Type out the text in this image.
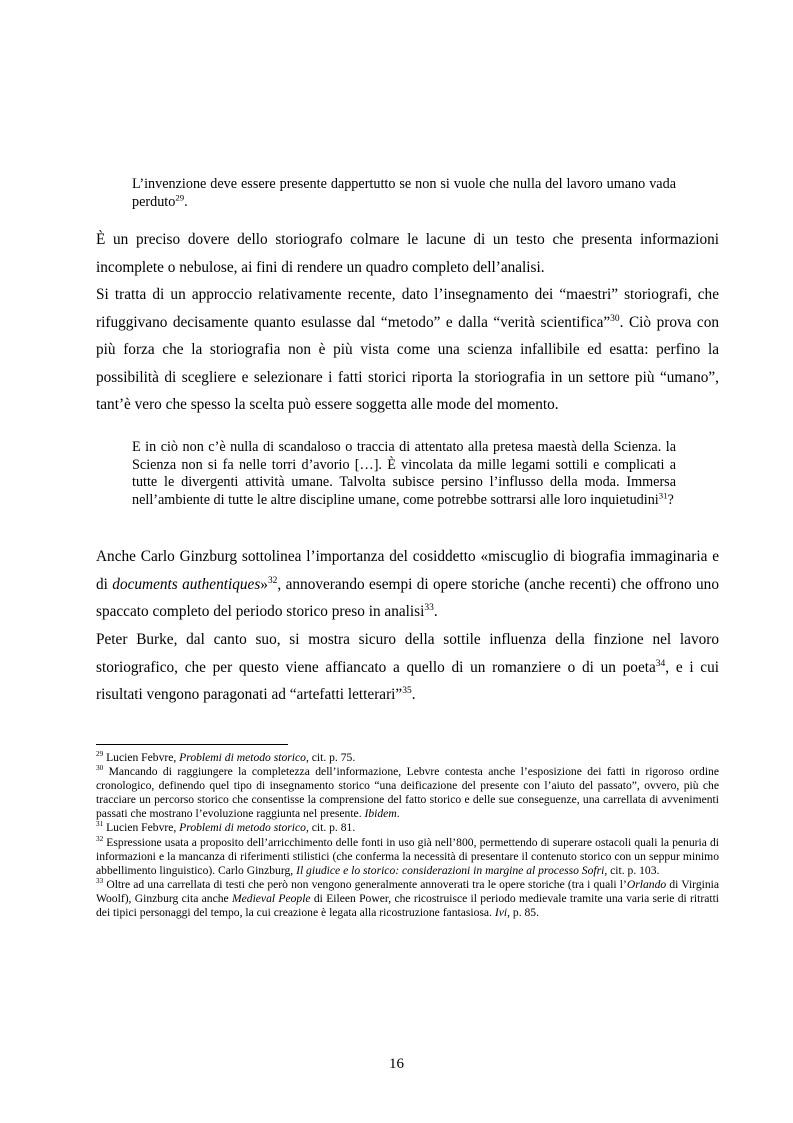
L’invenzione deve essere presente dappertutto se non si vuole che nulla del lavoro umano vada perduto$^{29}$.

È un preciso dovere dello storiografo colmare le lacune di un testo che presenta informazioni incomplete o nebulose, ai fini di rendere un quadro completo dell’analisi.

Si tratta di un approccio relativamente recente, dato l’insegnamento dei “maestri” storiografi, che rifuggivano decisamente quanto esulasse dal “metodo” e dalla “verità scientifica”$^{30}$. Ciò prova con più forza che la storiografia non è più vista come una scienza infallibile ed esatta: perfino la possibilità di scegliere e selezionare i fatti storici riporta la storiografia in un settore più “umano”, tant’è vero che spesso la scelta può essere soggetta alle mode del momento.

E in ciò non c’è nulla di scandaloso o traccia di attentato alla pretesa maestà della Scienza. la Scienza non si fa nelle torri d’avorio […]. È vincolata da mille legami sottili e complicati a tutte le divergenti attività umane. Talvolta subisce persino l’influsso della moda. Immersa nell’ambiente di tutte le altre discipline umane, come potrebbe sottrarsi alle loro inquietudini$^{31}$?

Anche Carlo Ginzburg sottolinea l’importanza del cosiddetto «miscuglio di biografia immaginaria e di documents authentiques»$^{32}$, annoverando esempi di opere storiche (anche recenti) che offrono uno spaccato completo del periodo storico preso in analisi$^{33}$.

Peter Burke, dal canto suo, si mostra sicuro della sottile influenza della finzione nel lavoro storiografico, che per questo viene affiancato a quello di un romanziere o di un poeta$^{34}$, e i cui risultati vengono paragonati ad “artefatti letterari”$^{35}$.

$^{29}$ Lucien Febvre, Problemi di metodo storico, cit. p. 75.

$^{30}$ Mancando di raggiungere la completezza dell’informazione, Lebvre contesta anche l’esposizione dei fatti in rigoroso ordine cronologico, definendo quel tipo di insegnamento storico “una deificazione del presente con l’aiuto del passato”, ovvero, più che tracciare un percorso storico che consentisse la comprensione del fatto storico e delle sue conseguenze, una carrellata di avvenimenti passati che mostrano l’evoluzione raggiunta nel presente. Ibidem.

$^{31}$ Lucien Febvre, Problemi di metodo storico, cit. p. 81.

$^{32}$ Espressione usata a proposito dell’arricchimento delle fonti in uso già nell’800, permettendo di superare ostacoli quali la penuria di informazioni e la mancanza di riferimenti stilistici (che conferma la necessità di presentare il contenuto storico con un seppur minimo abbellimento linguistico). Carlo Ginzburg, Il giudice e lo storico: considerazioni in margine al processo Sofri, cit. p. 103.

$^{33}$ Oltre ad una carrellata di testi che però non vengono generalmente annoverati tra le opere storiche (tra i quali l’Orlando di Virginia Woolf), Ginzburg cita anche Medieval People di Eileen Power, che ricostruisce il periodo medievale tramite una varia serie di ritratti dei tipici personaggi del tempo, la cui creazione è legata alla ricostruzione fantasiosa. Ivi, p. 85.

16
